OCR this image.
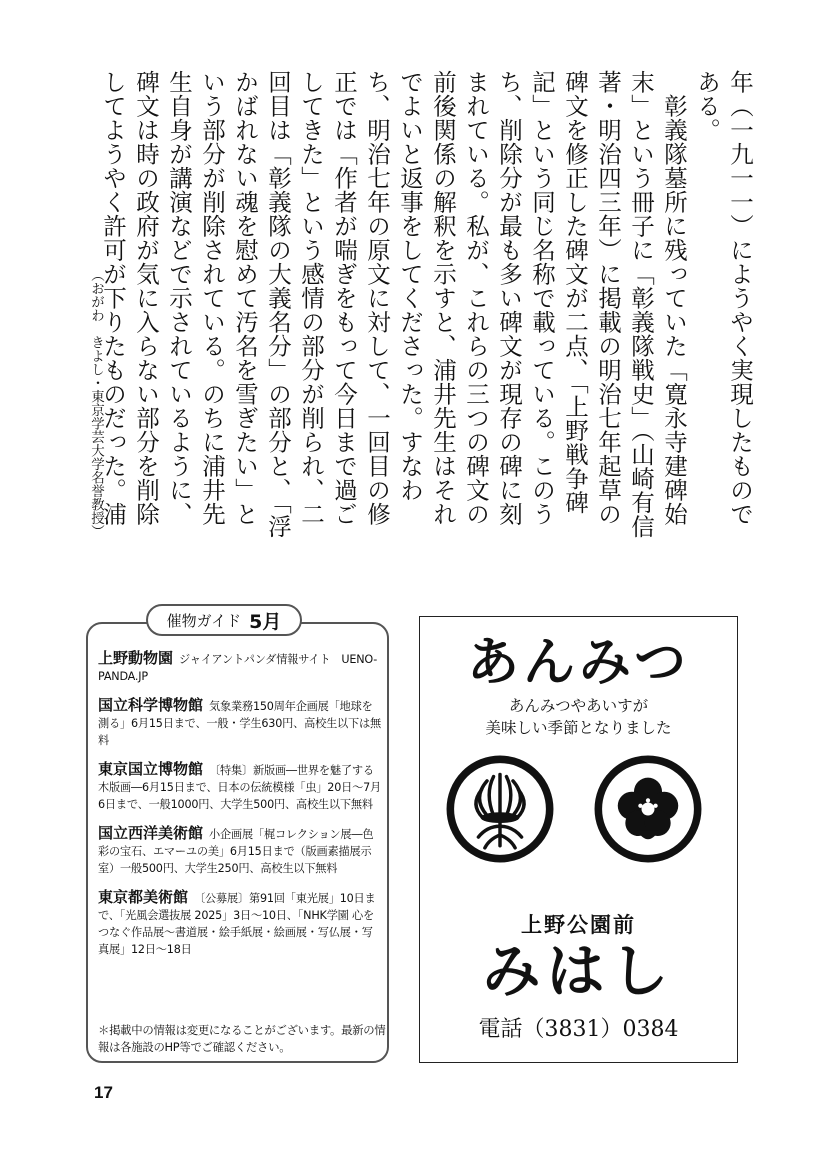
年（一九一一）にようやく実現したものである。

彰義隊墓所に残っていた「寛永寺建碑始末」という冊子に「彰義隊戦史」（山崎有信著・明治四三年）に掲載の明治七年起草の碑文を修正した碑文が二点、「上野戦争碑記」という同じ名称で載っている。このうち、削除分が最も多い碑文が現存の碑に刻まれている。私が、これらの三つの碑文の前後関係の解釈を示すと、浦井先生はそれでよいと返事をしてくださった。すなわち、明治七年の原文に対して、一回目の修正では「作者が喘ぎをもって今日まで過ごしてきた」という感情の部分が削られ、二回目は「彰義隊の大義名分」の部分と、「浮かばれない魂を慰めて汚名を雪ぎたい」という部分が削除されている。のちに浦井先生自身が講演などで示されているように、碑文は時の政府が気に入らない部分を削除してようやく許可が下りたものだった。浦

（おがわ　きよし・東京学芸大学名誉教授）
上野動物園 ジャイアントパンダ情報サイト　UENO-PANDA.JP
国立科学博物館 気象業務150周年企画展「地球を測る」6月15日まで、一般・学生630円、高校生以下は無料
東京国立博物館 〔特集〕新版画―世界を魅了する木版画―6月15日まで、日本の伝統模様「虫」20日〜7月6日まで、一般1000円、大学生500円、高校生以下無料
国立西洋美術館 小企画展「梶コレクション展―色彩の宝石、エマーユの美」6月15日まで（版画素描展示室）一般500円、大学生250円、高校生以下無料
東京都美術館 〔公募展〕第91回「東光展」10日まで、「光風会選抜展 2025」3日〜10日、「NHK学園 心をつなぐ作品展〜書道展・絵手紙展・絵画展・写仏展・写真展」12日〜18日
＊掲載中の情報は変更になることがございます。最新の情報は各施設のHP等でご確認ください。
催物ガイド 5月
あんみつ
あんみつやあいすが
美味しい季節となりました
上野公園前
みはし
電話（3831）0384
17
